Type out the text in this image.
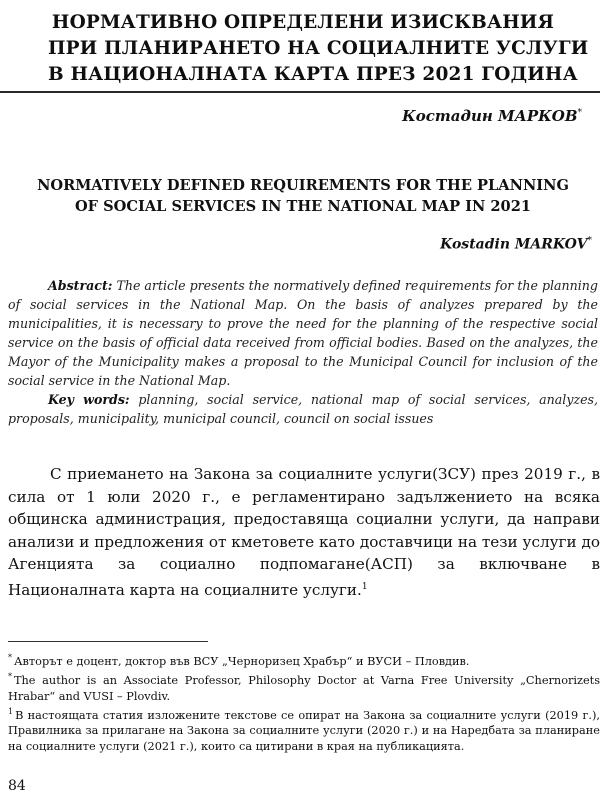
НОРМАТИВНО ОПРЕДЕЛЕНИ ИЗИСКВАНИЯ
ПРИ ПЛАНИРАНЕТО НА СОЦИАЛНИТЕ УСЛУГИ
В НАЦИОНАЛНАТА КАРТА ПРЕЗ 2021 ГОДИНА
Костадин МАРКОВ*
NORMATIVELY DEFINED REQUIREMENTS FOR THE PLANNING
OF SOCIAL SERVICES IN THE NATIONAL MAP IN 2021
Kostadin MARKOV*

Abstract: The article presents the normatively defined requirements for the planning of social services in the National Map. On the basis of analyzes prepared by the municipalities, it is necessary to prove the need for the planning of the respective social service on the basis of official data received from official bodies. Based on the analyzes, the Mayor of the Municipality makes a proposal to the Municipal Council for inclusion of the social service in the National Map.

Key words: planning, social service, national map of social services, analyzes, proposals, municipality, municipal council, council on social issues

С приемането на Закона за социалните услуги(ЗСУ) през 2019 г., в сила от 1 юли 2020 г., е регламентирано задължението на всяка общинска администрация, предоставяща социални услуги, да направи анализи и предложения от кметовете като доставчици на тези услуги до Агенцията за социално подпомагане(АСП) за включване в Националната карта на социалните услуги.$^1$

* Авторът е доцент, доктор във ВСУ „Черноризец Храбър“ и ВУСИ – Пловдив.

* The author is an Associate Professor, Philosophy Doctor at Varna Free University „Chernorizets Hrabar“ and VUSI – Plovdiv.

$^1$ В настоящата статия изложените текстове се опират на Закона за социалните услуги (2019 г.), Правилника за прилагане на Закона за социалните услуги (2020 г.) и на Наредбата за планиране на социалните услуги (2021 г.), които са цитирани в края на публикацията.

84
